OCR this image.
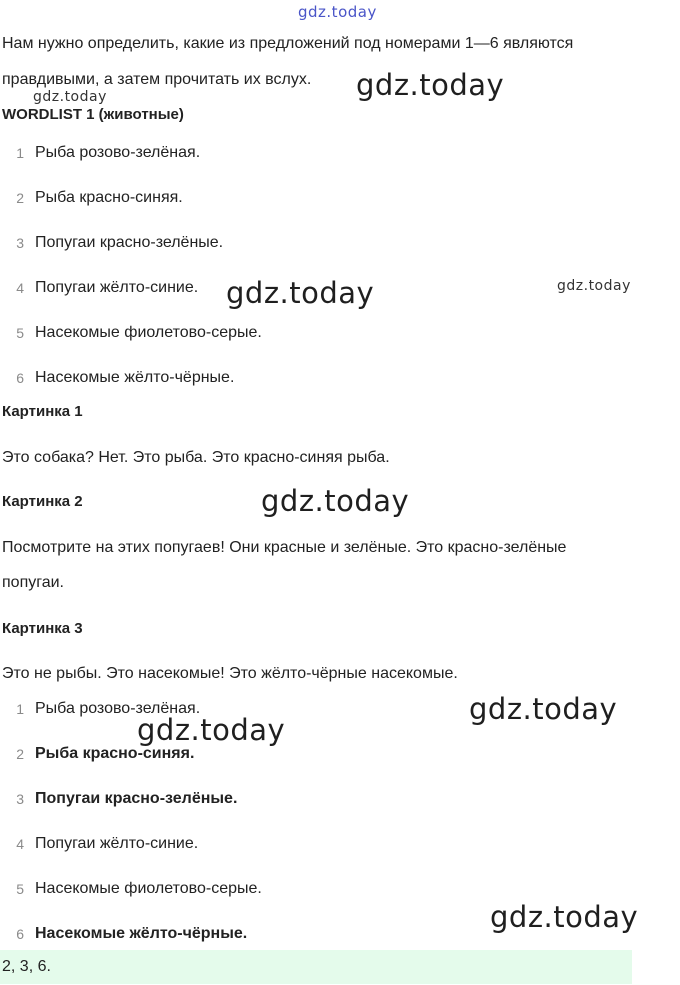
gdz.today
gdz.today
gdz.today
gdz.today	gdz.today
gdz.today
gdz.today
gdz.today
gdz.today

Нам нужно определить, какие из предложений под номерами 1—6 являются

правдивыми, а затем прочитать их вслух.

WORDLIST 1 (животные)
1 Рыба розово-зелёная.
2 Рыба красно-синяя.
3 Попугаи красно-зелёные.
4 Попугаи жёлто-синие.
5 Насекомые фиолетово-серые.
6 Насекомые жёлто-чёрные.
Картинка 1

Это собака? Нет. Это рыба. Это красно-синяя рыба.

Картинка 2

Посмотрите на этих попугаев! Они красные и зелёные. Это красно-зелёные

попугаи.

Картинка 3

Это не рыбы. Это насекомые! Это жёлто-чёрные насекомые.

1 Рыба розово-зелёная.
2 Рыба красно-синяя.
3 Попугаи красно-зелёные.
4 Попугаи жёлто-синие.
5 Насекомые фиолетово-серые.
6 Насекомые жёлто-чёрные.
2, 3, 6.
